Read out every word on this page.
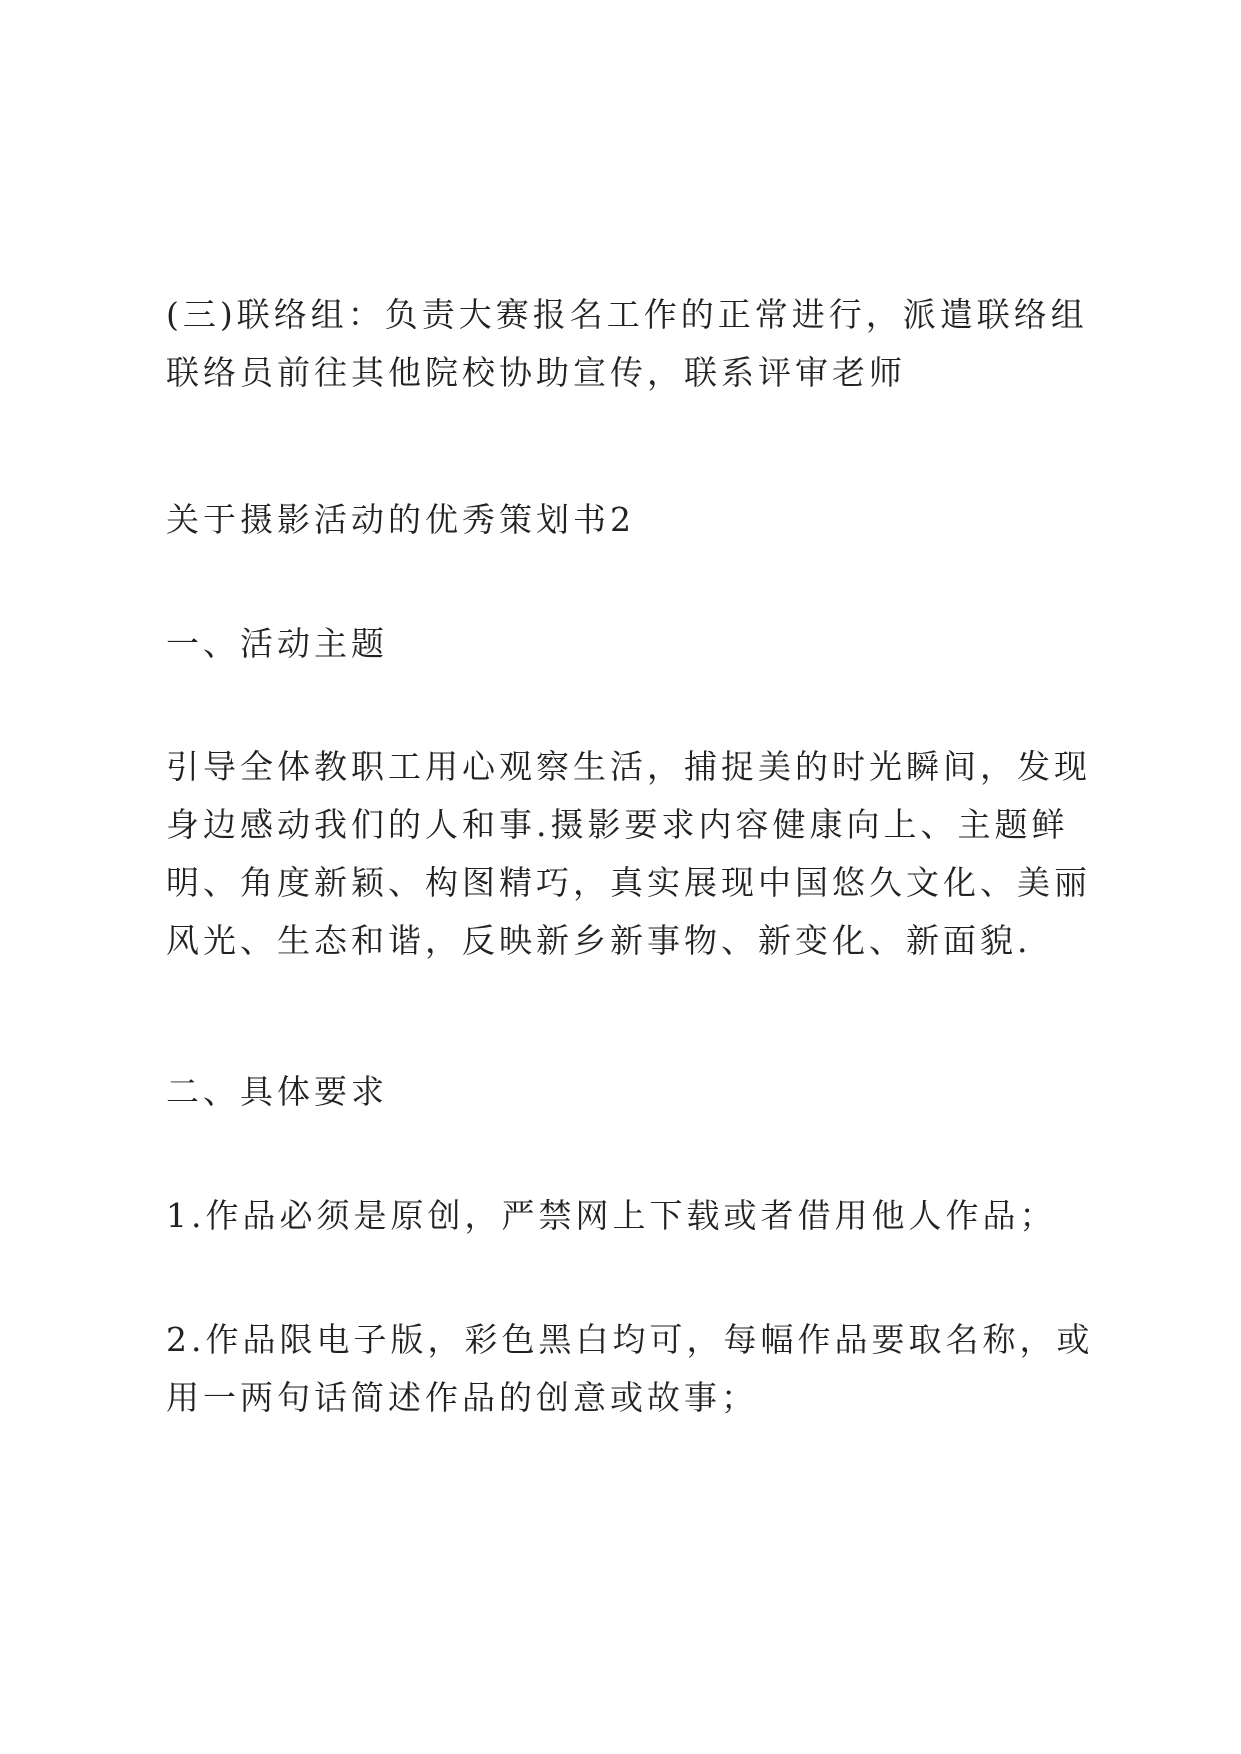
(三)联络组：负责大赛报名工作的正常进行，派遣联络组联络员前往其他院校协助宣传，联系评审老师

关于摄影活动的优秀策划书2

一、活动主题

引导全体教职工用心观察生活，捕捉美的时光瞬间，发现身边感动我们的人和事.摄影要求内容健康向上、主题鲜明、角度新颖、构图精巧，真实展现中国悠久文化、美丽风光、生态和谐，反映新乡新事物、新变化、新面貌.

二、具体要求

1.作品必须是原创，严禁网上下载或者借用他人作品；

2.作品限电子版，彩色黑白均可，每幅作品要取名称，或用一两句话简述作品的创意或故事；
